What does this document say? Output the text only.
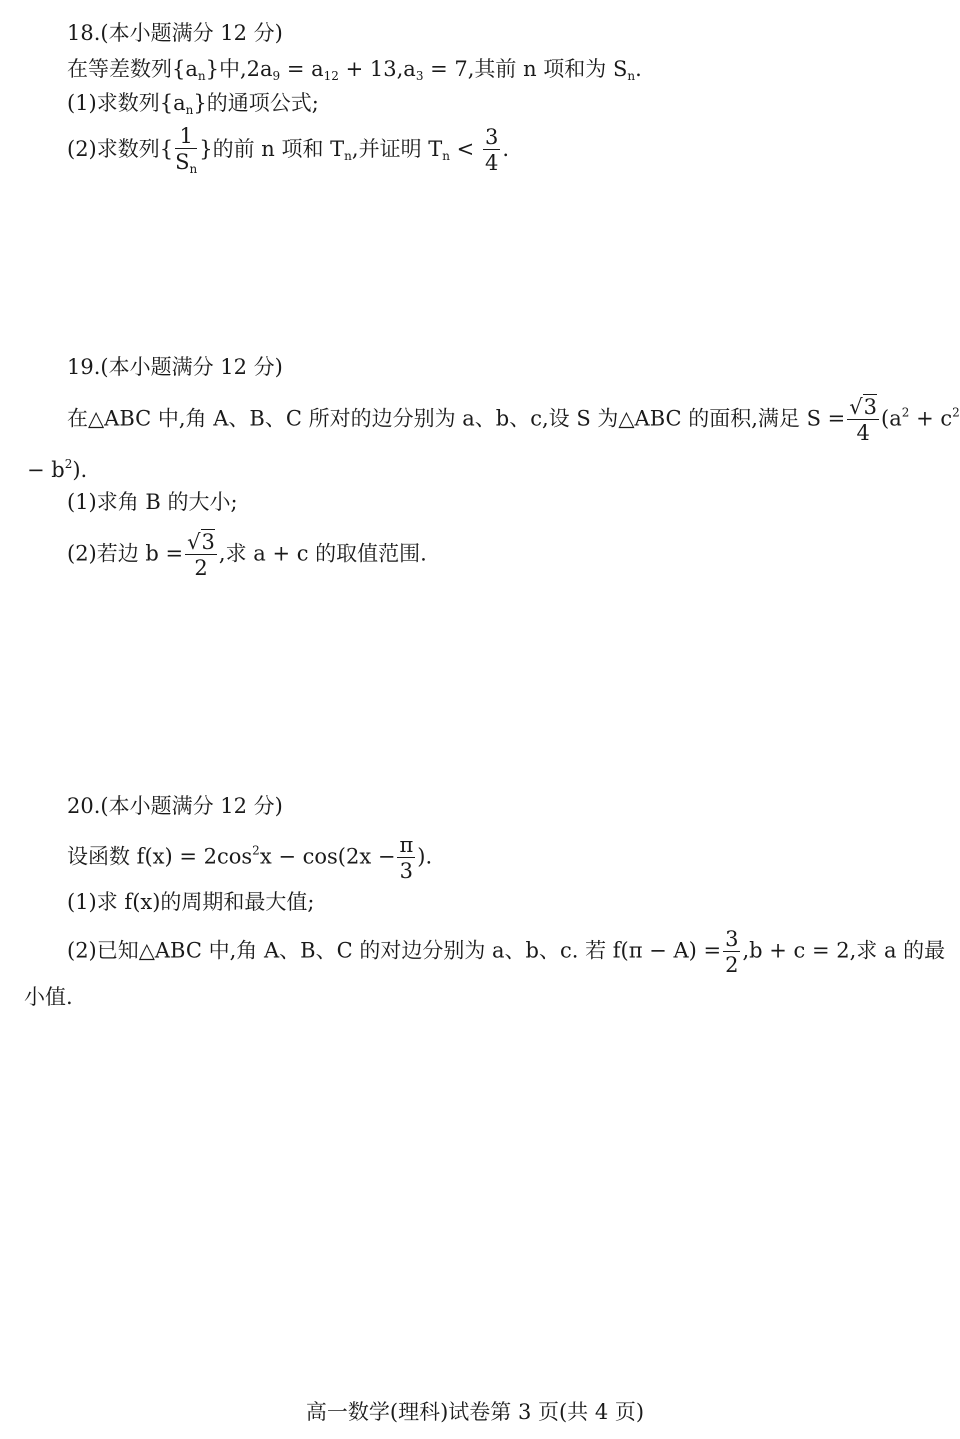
18.(本小题满分 12 分)
在等差数列$\{a_n\}$中$,2a_9 = a_{12} + 13,a_3 = 7$,其前 n 项和为 $S_n$.
(1)求数列$\{a_n\}$的通项公式;
(2)求数列{ $\frac{1}{S_n}$ }的前 n 项和 $T_n$,并证明 $T_n < \frac{3}{4}$ .
19.(本小题满分 12 分)
在△ABC 中,角 A、B、C 所对的边分别为 a、b、c,设 S 为△ABC 的面积,满足 $S = \frac{√3}{4} (a^2 + c^2$
− $b^2$).
(1)求角 B 的大小;
(2)若边 $b = \frac{√3}{2}$ ,求 a + c 的取值范围.
20.(本小题满分 12 分)
设函数 $f(x) = 2\cos^2x - \cos(2x - \frac{\pi}{3}$ ).
(1)求 f(x)的周期和最大值;
(2)已知△ABC 中,角 A、B、C 的对边分别为 a、b、c. 若 $f(\pi - A) = \frac{3}{2} ,b + c = 2$,求 a 的最
小值.
高一数学(理科)试卷第 3 页(共 4 页)
